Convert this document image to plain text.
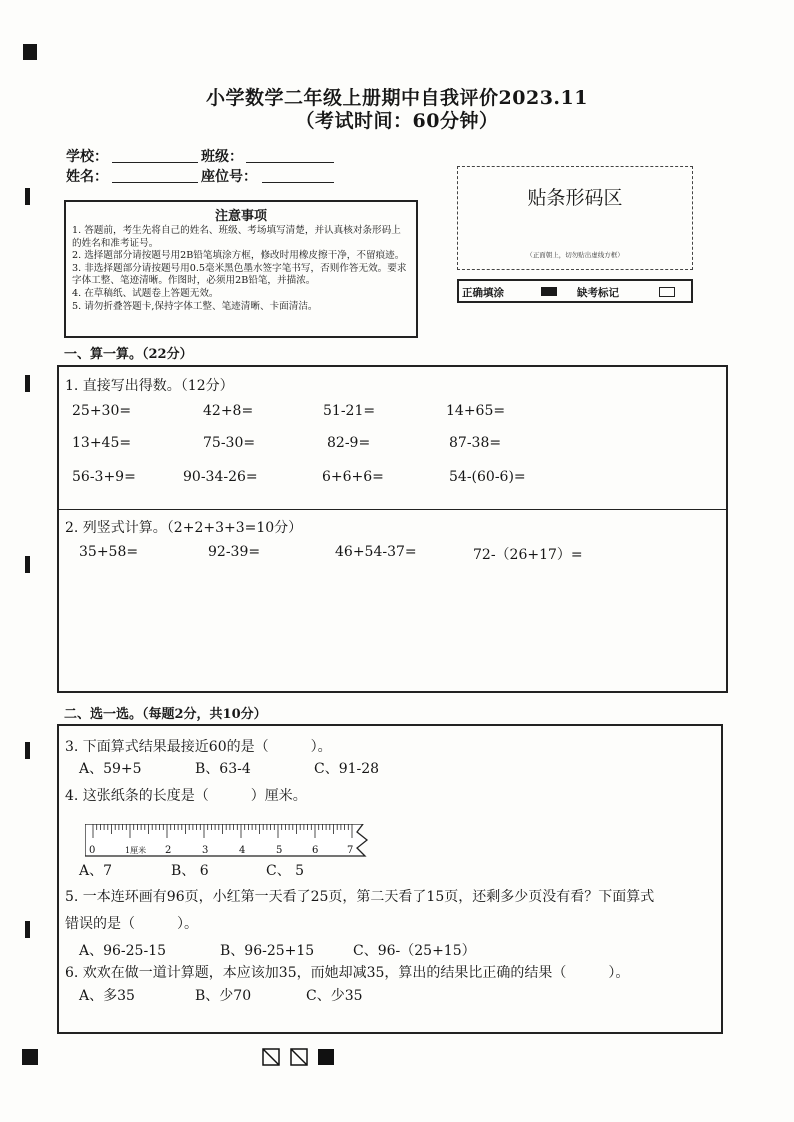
小学数学二年级上册期中自我评价2023.11
（考试时间：60分钟）
学校：	班级：
姓名：	座位号：
注意事项
1. 答题前，考生先将自己的姓名、班级、考场填写清楚，并认真核对条形码上的姓名和准考证号。
2. 选择题部分请按题号用2B铅笔填涂方框，修改时用橡皮擦干净，不留痕迹。
3. 非选择题部分请按题号用0.5毫米黑色墨水签字笔书写，否则作答无效。要求字体工整、笔迹清晰。作图时，必须用2B铅笔，并描浓。
4. 在草稿纸、试题卷上答题无效。
5. 请勿折叠答题卡,保持字体工整、笔迹清晰、卡面清洁。
贴条形码区
（正面朝上，切勿贴出虚线方框）
正确填涂	缺考标记
一、算一算。（22分）
1. 直接写出得数。（12分）
25+30=	42+8=	51-21=	14+65=
13+45=	75-30=	82-9=	87-38=
56-3+9=	90-34-26=	6+6+6=	54-(60-6)=
2. 列竖式计算。（2+2+3+3=10分）
35+58=	92-39=	46+54-37=	72-（26+17）=
二、选一选。（每题2分，共10分）
3. 下面算式结果最接近60的是（　　　）。
A、59+5	B、63-4	C、91-28
4. 这张纸条的长度是（　　　）厘米。
0	1厘米 2	3	4	5	6	7
A、7	B、 6	C、 5
5. 一本连环画有96页，小红第一天看了25页，第二天看了15页，还剩多少页没有看？下面算式
错误的是（　　　）。
A、96-25-15	B、96-25+15	C、96-（25+15）
6. 欢欢在做一道计算题，本应该加35，而她却减35，算出的结果比正确的结果（　　　）。
A、多35	B、少70	C、少35
